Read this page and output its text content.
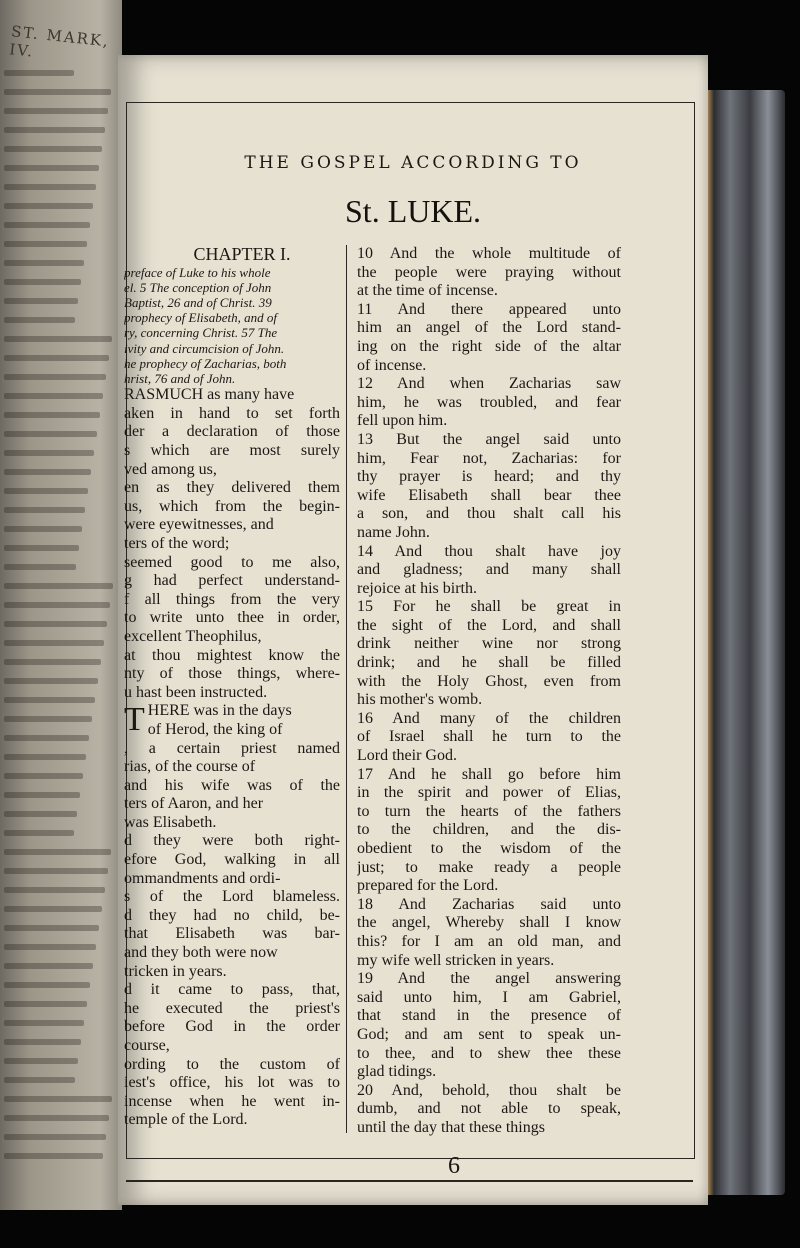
ST. MARK, IV.
THE GOSPEL ACCORDING TO
St. LUKE.
CHAPTER I.
preface of Luke to his whole
el. 5 The conception of John
Baptist, 26 and of Christ. 39
prophecy of Elisabeth, and of
ry, concerning Christ. 57 The
ivity and circumcision of John.
he prophecy of Zacharias, both
hrist, 76 and of John.
RASMUCH as many have
aken in hand to set forth
der a declaration of those
s which are most surely
ved among us,
en as they delivered them
us, which from the begin-
were eyewitnesses, and
ters of the word;
seemed good to me also,
g had perfect understand-
f all things from the very
to write unto thee in order,
excellent Theophilus,
at thou mightest know the
nty of those things, where-
u hast been instructed.
T HERE was in the days
of Herod, the king of
, a certain priest named
rias, of the course of
and his wife was of the
ters of Aaron, and her
was Elisabeth.
d they were both right-
efore God, walking in all
ommandments and ordi-
s of the Lord blameless.
d they had no child, be-
that Elisabeth was bar-
and they both were now
tricken in years.
d it came to pass, that,
he executed the priest's
before God in the order
course,
ording to the custom of
iest's office, his lot was to
incense when he went in-
temple of the Lord.
10 And the whole multitude of
the people were praying without
at the time of incense.
11 And there appeared unto
him an angel of the Lord stand-
ing on the right side of the altar
of incense.
12 And when Zacharias saw
him, he was troubled, and fear
fell upon him.
13 But the angel said unto
him, Fear not, Zacharias: for
thy prayer is heard; and thy
wife Elisabeth shall bear thee
a son, and thou shalt call his
name John.
14 And thou shalt have joy
and gladness; and many shall
rejoice at his birth.
15 For he shall be great in
the sight of the Lord, and shall
drink neither wine nor strong
drink; and he shall be filled
with the Holy Ghost, even from
his mother's womb.
16 And many of the children
of Israel shall he turn to the
Lord their God.
17 And he shall go before him
in the spirit and power of Elias,
to turn the hearts of the fathers
to the children, and the dis-
obedient to the wisdom of the
just; to make ready a people
prepared for the Lord.
18 And Zacharias said unto
the angel, Whereby shall I know
this? for I am an old man, and
my wife well stricken in years.
19 And the angel answering
said unto him, I am Gabriel,
that stand in the presence of
God; and am sent to speak un-
to thee, and to shew thee these
glad tidings.
20 And, behold, thou shalt be
dumb, and not able to speak,
until the day that these things
6
